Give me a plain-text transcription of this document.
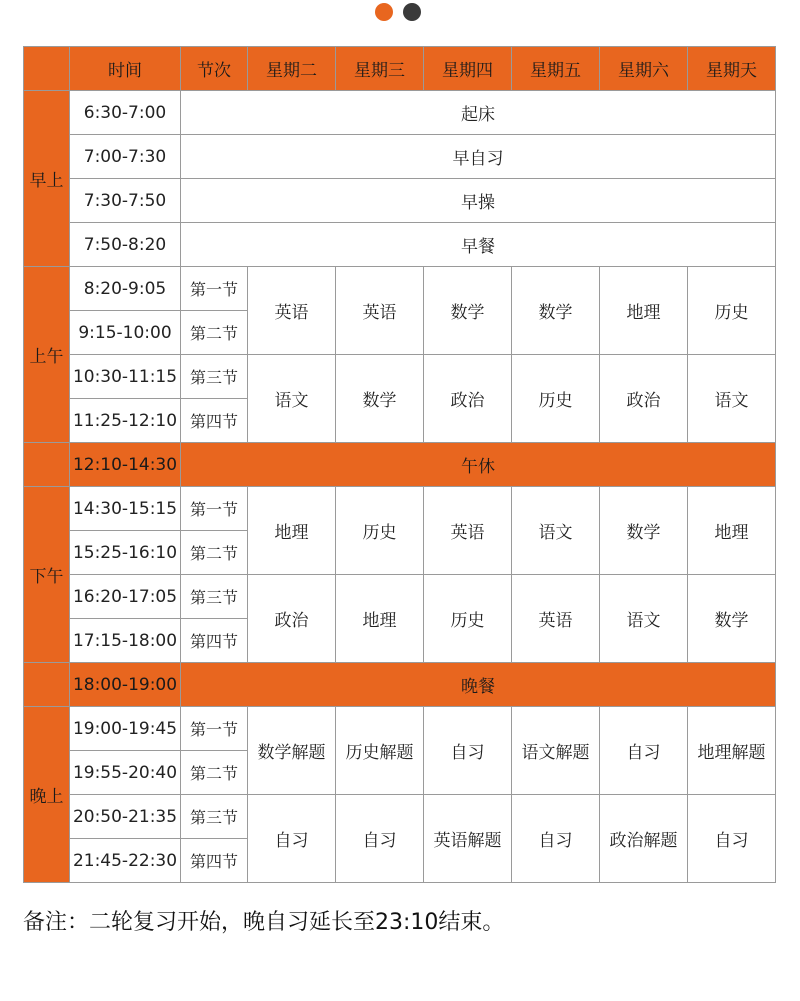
	时间	节次	星期二	星期三	星期四	星期五	星期六	星期天
早上	6:30-7:00	起床						
	7:00-7:30	早自习						
	7:30-7:50	早操						
	7:50-8:20	早餐						
上午	8:20-9:05	第一节	英语	英语	数学	数学	地理	历史
	9:15-10:00	第二节						
	10:30-11:15	第三节	语文	数学	政治	历史	政治	语文
	11:25-12:10	第四节						
	12:10-14:30	午休						
下午	14:30-15:15	第一节	地理	历史	英语	语文	数学	地理
	15:25-16:10	第二节						
	16:20-17:05	第三节	政治	地理	历史	英语	语文	数学
	17:15-18:00	第四节						
	18:00-19:00	晚餐						
晚上	19:00-19:45	第一节	数学解题	历史解题	自习	语文解题	自习	地理解题
	19:55-20:40	第二节						
	20:50-21:35	第三节	自习	自习	英语解题	自习	政治解题	自习
	21:45-22:30	第四节						
备注：二轮复习开始，晚自习延长至23:10结束。
